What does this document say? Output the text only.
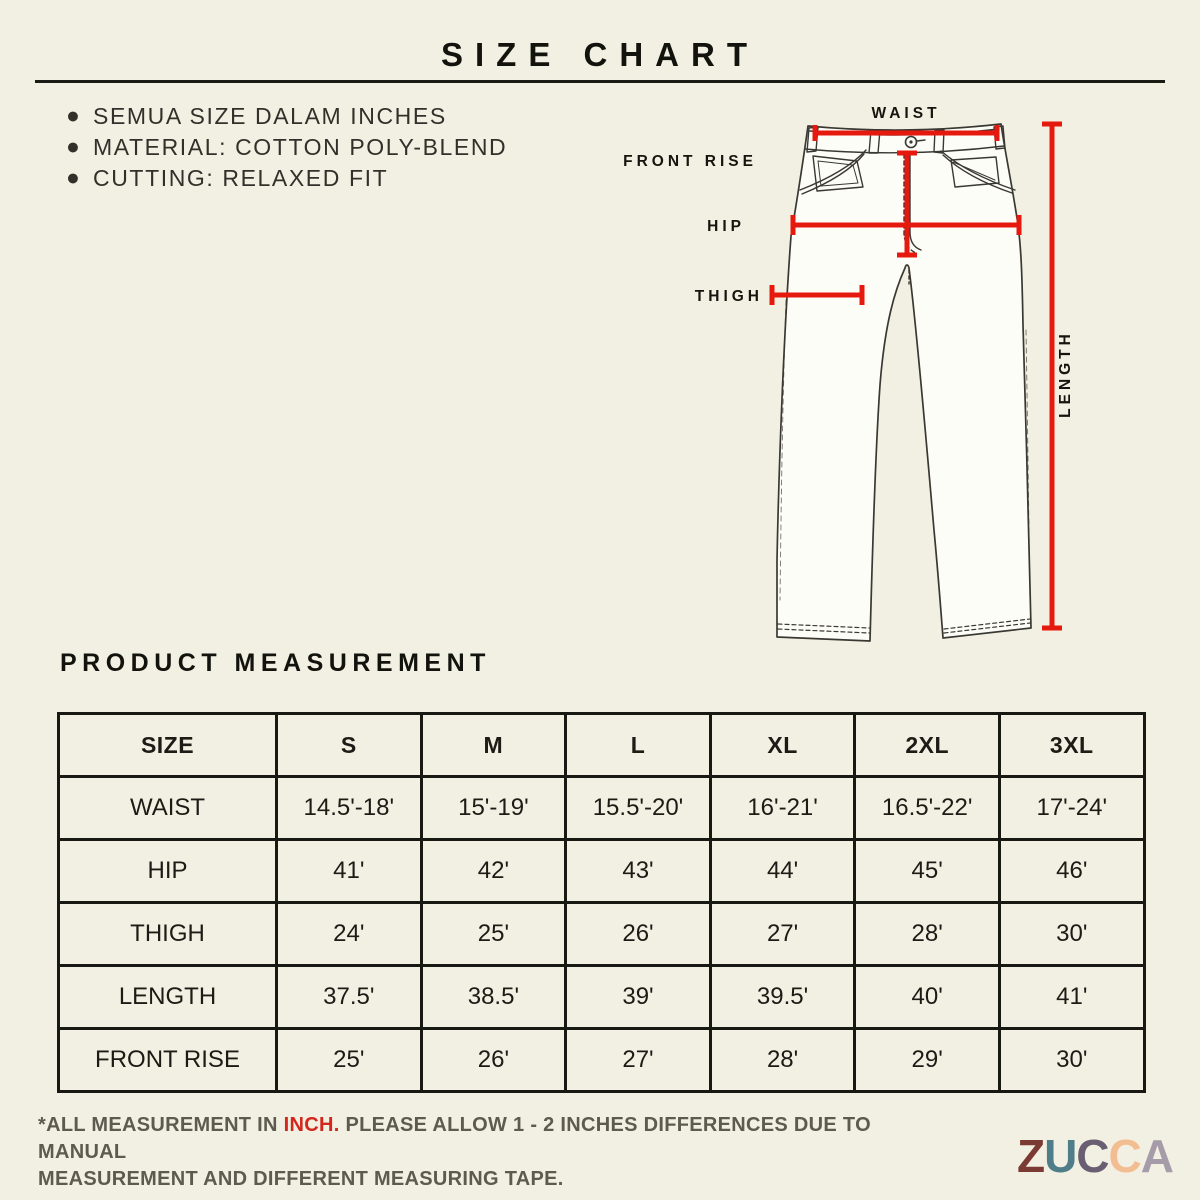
SIZE CHART
● SEMUA SIZE DALAM INCHES
● MATERIAL: COTTON POLY-BLEND
● CUTTING: RELAXED FIT
WAIST
FRONT RISE
HIP
THIGH
LENGTH
PRODUCT MEASUREMENT
SIZE	S	M	L	XL	2XL	3XL
WAIST	14.5'-18'	15'-19'	15.5'-20'	16'-21'	16.5'-22'	17'-24'
HIP	41'	42'	43'	44'	45'	46'
THIGH	24'	25'	26'	27'	28'	30'
LENGTH	37.5'	38.5'	39'	39.5'	40'	41'
FRONT RISE	25'	26'	27'	28'	29'	30'
*ALL MEASUREMENT IN INCH. PLEASE ALLOW 1 - 2 INCHES DIFFERENCES DUE TO MANUAL
MEASUREMENT AND DIFFERENT MEASURING TAPE.	ZUCCA
